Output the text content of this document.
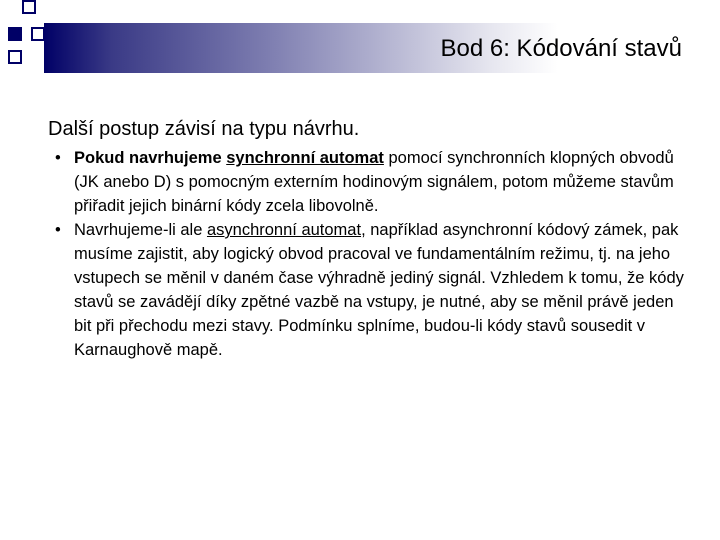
Bod 6: Kódování stavů

Další postup závisí na typu návrhu.

• Pokud navrhujeme synchronní automat pomocí synchronních klopných obvodů (JK anebo D) s pomocným externím hodinovým signálem, potom můžeme stavům přiřadit jejich binární kódy zcela libovolně.
• Navrhujeme-li ale asynchronní automat, například asynchronní kódový zámek, pak musíme zajistit, aby logický obvod pracoval ve fundamentálním režimu, tj. na jeho vstupech se měnil v daném čase výhradně jediný signál. Vzhledem k tomu, že kódy stavů se zavádějí díky zpětné vazbě na vstupy, je nutné, aby se měnil právě jeden bit při přechodu mezi stavy. Podmínku splníme, budou-li kódy stavů sousedit v Karnaughově mapě.
